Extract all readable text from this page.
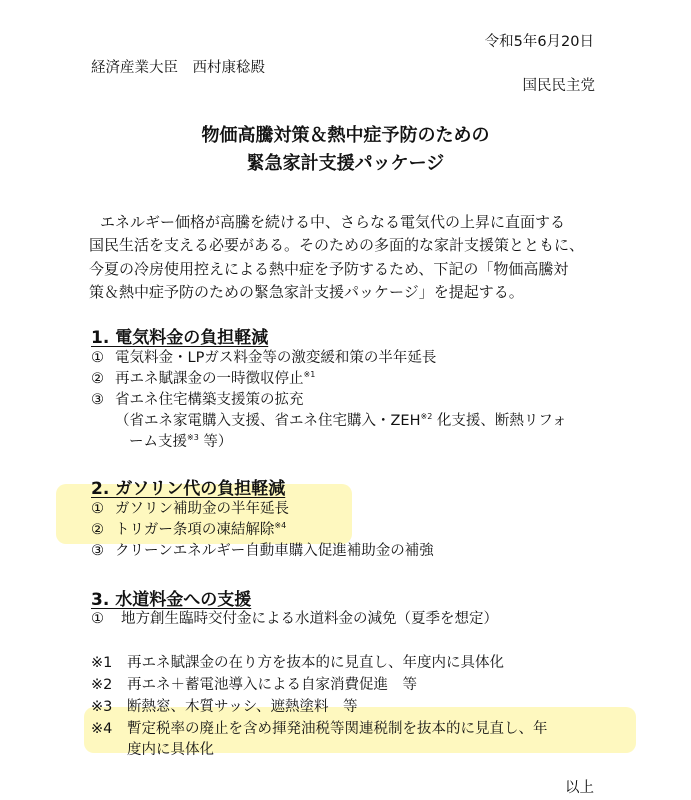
令和5年6月20日
経済産業大臣　西村康稔殿
国民民主党
物価高騰対策＆熱中症予防のための
緊急家計支援パッケージ
エネルギー価格が高騰を続ける中、さらなる電気代の上昇に直面する
国民生活を支える必要がある。そのための多面的な家計支援策とともに、
今夏の冷房使用控えによる熱中症を予防するため、下記の「物価高騰対
策＆熱中症予防のための緊急家計支援パッケージ」を提起する。
1. 電気料金の負担軽減
① 電気料金・LPガス料金等の激変緩和策の半年延長
② 再エネ賦課金の一時徴収停止$^{※1}$
③ 省エネ住宅構築支援策の拡充
（省エネ家電購入支援、省エネ住宅購入・ZEH$^{※2}$ 化支援、断熱リフォ
ーム支援$^{※3}$ 等）
2. ガソリン代の負担軽減
① ガソリン補助金の半年延長
② トリガー条項の凍結解除$^{※4}$
③ クリーンエネルギー自動車購入促進補助金の補強
3. 水道料金への支援
① 地方創生臨時交付金による水道料金の減免（夏季を想定）
※1 再エネ賦課金の在り方を抜本的に見直し、年度内に具体化
※2 再エネ＋蓄電池導入による自家消費促進　等
※3 断熱窓、木質サッシ、遮熱塗料　等
※4 暫定税率の廃止を含め揮発油税等関連税制を抜本的に見直し、年
度内に具体化
以上
